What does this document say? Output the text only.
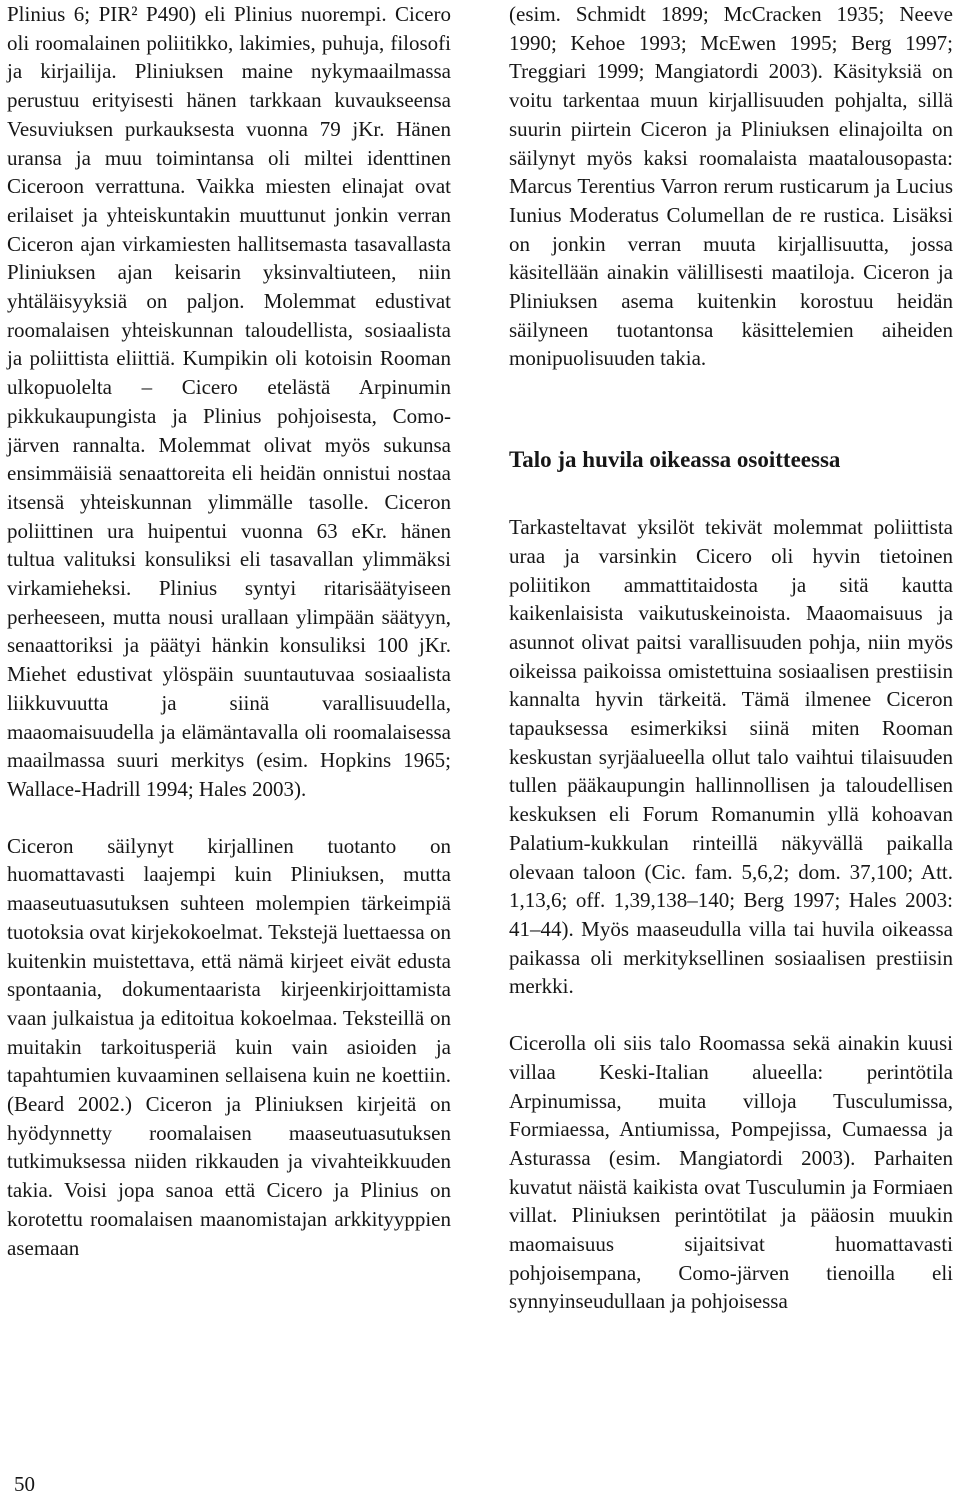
Plinius 6; PIR² P490) eli Plinius nuorempi. Cicero oli roomalainen poliitikko, lakimies, puhuja, filosofi ja kirjailija. Pliniuksen maine nykymaailmassa perustuu erityisesti hänen tarkkaan kuvaukseensa Vesuviuksen purkauksesta vuonna 79 jKr. Hänen uransa ja muu toimintansa oli miltei identtinen Ciceroon verrattuna. Vaikka miesten elinajat ovat erilaiset ja yhteiskuntakin muuttunut jonkin verran Ciceron ajan virkamiesten hallitsemasta tasavallasta Pliniuksen ajan keisarin yksinvaltiuteen, niin yhtäläisyyksiä on paljon. Molemmat edustivat roomalaisen yhteiskunnan taloudellista, sosiaalista ja poliittista eliittiä. Kumpikin oli kotoisin Rooman ulkopuolelta – Cicero etelästä Arpinumin pikkukaupungista ja Plinius pohjoisesta, Como-järven rannalta. Molemmat olivat myös sukunsa ensimmäisiä senaattoreita eli heidän onnistui nostaa itsensä yhteiskunnan ylimmälle tasolle. Ciceron poliittinen ura huipentui vuonna 63 eKr. hänen tultua valituksi konsuliksi eli tasavallan ylimmäksi virkamieheksi. Plinius syntyi ritarisäätyiseen perheeseen, mutta nousi urallaan ylimpään säätyyn, senaattoriksi ja päätyi hänkin konsuliksi 100 jKr. Miehet edustivat ylöspäin suuntautuvaa sosiaalista liikkuvuutta ja siinä varallisuudella, maaomaisuudella ja elämäntavalla oli roomalaisessa maailmassa suuri merkitys (esim. Hopkins 1965; Wallace-Hadrill 1994; Hales 2003).

Ciceron säilynyt kirjallinen tuotanto on huomattavasti laajempi kuin Pliniuksen, mutta maaseutuasutuksen suhteen molempien tärkeimpiä tuotoksia ovat kirjekokoelmat. Tekstejä luettaessa on kuitenkin muistettava, että nämä kirjeet eivät edusta spontaania, dokumentaarista kirjeenkirjoittamista vaan julkaistua ja editoitua kokoelmaa. Teksteillä on muitakin tarkoitusperiä kuin vain asioiden ja tapahtumien kuvaaminen sellaisena kuin ne koettiin. (Beard 2002.) Ciceron ja Pliniuksen kirjeitä on hyödynnetty roomalaisen maaseutuasutuksen tutkimuksessa niiden rikkauden ja vivahteikkuuden takia. Voisi jopa sanoa että Cicero ja Plinius on korotettu roomalaisen maanomistajan arkkityyppien asemaan

(esim. Schmidt 1899; McCracken 1935; Neeve 1990; Kehoe 1993; McEwen 1995; Berg 1997; Treggiari 1999; Mangiatordi 2003). Käsityksiä on voitu tarkentaa muun kirjallisuuden pohjalta, sillä suurin piirtein Ciceron ja Pliniuksen elinajoilta on säilynyt myös kaksi roomalaista maatalousopasta: Marcus Terentius Varron rerum rusticarum ja Lucius Iunius Moderatus Columellan de re rustica. Lisäksi on jonkin verran muuta kirjallisuutta, jossa käsitellään ainakin välillisesti maatiloja. Ciceron ja Pliniuksen asema kuitenkin korostuu heidän säilyneen tuotantonsa käsittelemien aiheiden monipuolisuuden takia.

Talo ja huvila oikeassa osoitteessa

Tarkasteltavat yksilöt tekivät molemmat poliittista uraa ja varsinkin Cicero oli hyvin tietoinen poliitikon ammattitaidosta ja sitä kautta kaikenlaisista vaikutuskeinoista. Maaomaisuus ja asunnot olivat paitsi varallisuuden pohja, niin myös oikeissa paikoissa omistettuina sosiaalisen prestiisin kannalta hyvin tärkeitä. Tämä ilmenee Ciceron tapauksessa esimerkiksi siinä miten Rooman keskustan syrjäalueella ollut talo vaihtui tilaisuuden tullen pääkaupungin hallinnollisen ja taloudellisen keskuksen eli Forum Romanumin yllä kohoavan Palatium-kukkulan rinteillä näkyvällä paikalla olevaan taloon (Cic. fam. 5,6,2; dom. 37,100; Att. 1,13,6; off. 1,39,138–140; Berg 1997; Hales 2003: 41–44). Myös maaseudulla villa tai huvila oikeassa paikassa oli merkityksellinen sosiaalisen prestiisin merkki.

Cicerolla oli siis talo Roomassa sekä ainakin kuusi villaa Keski-Italian alueella: perintötila Arpinumissa, muita villoja Tusculumissa, Formiaessa, Antiumissa, Pompejissa, Cumaessa ja Asturassa (esim. Mangiatordi 2003). Parhaiten kuvatut näistä kaikista ovat Tusculumin ja Formiaen villat. Pliniuksen perintötilat ja pääosin muukin maomaisuus sijaitsivat huomattavasti pohjoisempana, Como-järven tienoilla eli synnyinseudullaan ja pohjoisessa

50
